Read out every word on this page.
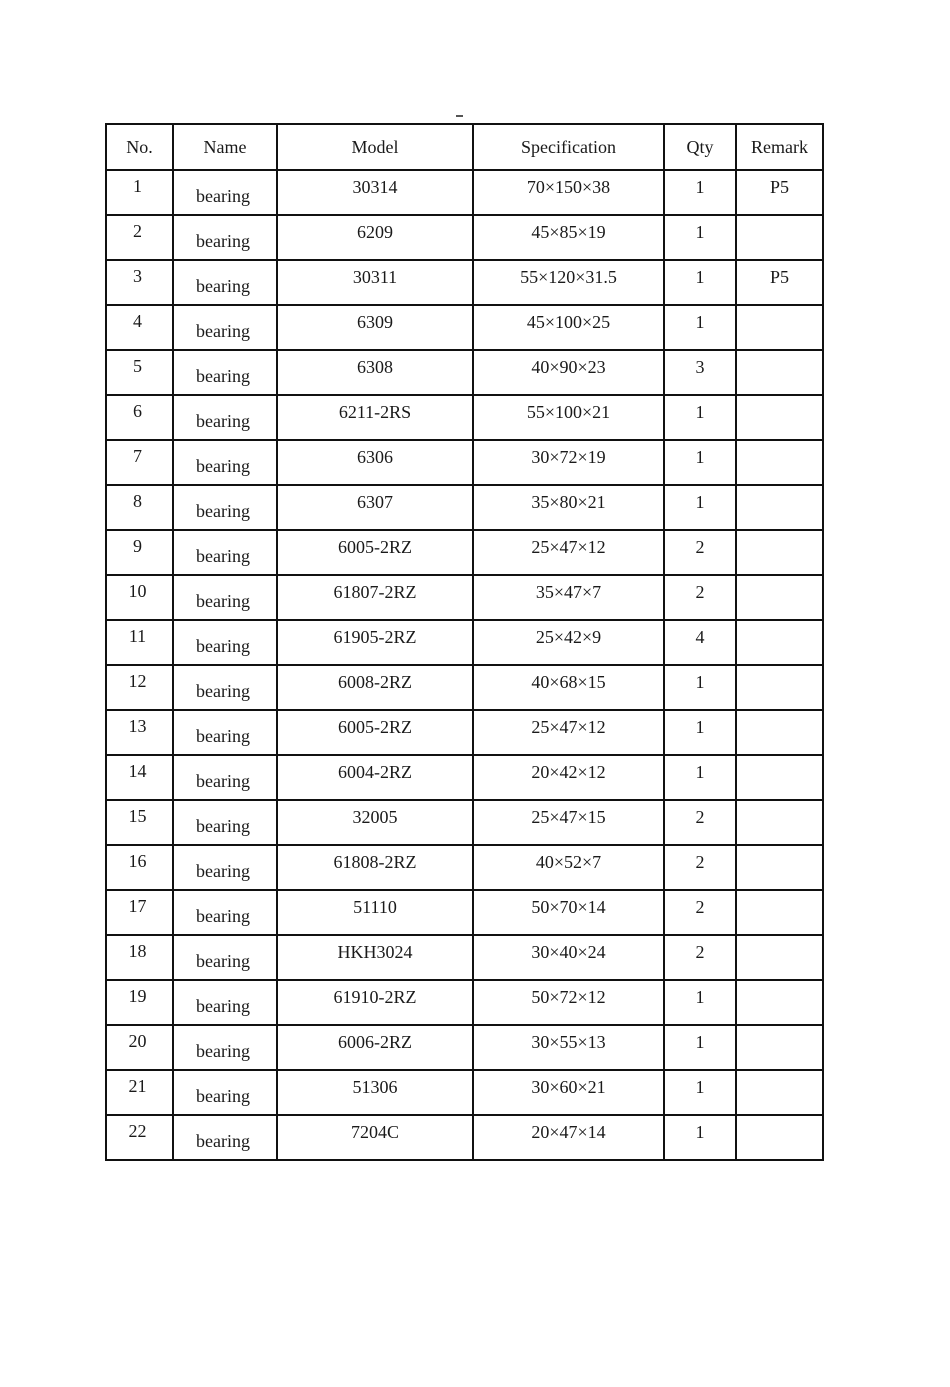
No.	Name	Model	Specification	Qty	Remark
1	bearing	30314	70×150×38	1	P5
2	bearing	6209	45×85×19	1	
3	bearing	30311	55×120×31.5	1	P5
4	bearing	6309	45×100×25	1	
5	bearing	6308	40×90×23	3	
6	bearing	6211-2RS	55×100×21	1	
7	bearing	6306	30×72×19	1	
8	bearing	6307	35×80×21	1	
9	bearing	6005-2RZ	25×47×12	2	
10	bearing	61807-2RZ	35×47×7	2	
11	bearing	61905-2RZ	25×42×9	4	
12	bearing	6008-2RZ	40×68×15	1	
13	bearing	6005-2RZ	25×47×12	1	
14	bearing	6004-2RZ	20×42×12	1	
15	bearing	32005	25×47×15	2	
16	bearing	61808-2RZ	40×52×7	2	
17	bearing	51110	50×70×14	2	
18	bearing	HKH3024	30×40×24	2	
19	bearing	61910-2RZ	50×72×12	1	
20	bearing	6006-2RZ	30×55×13	1	
21	bearing	51306	30×60×21	1	
22	bearing	7204C	20×47×14	1	
